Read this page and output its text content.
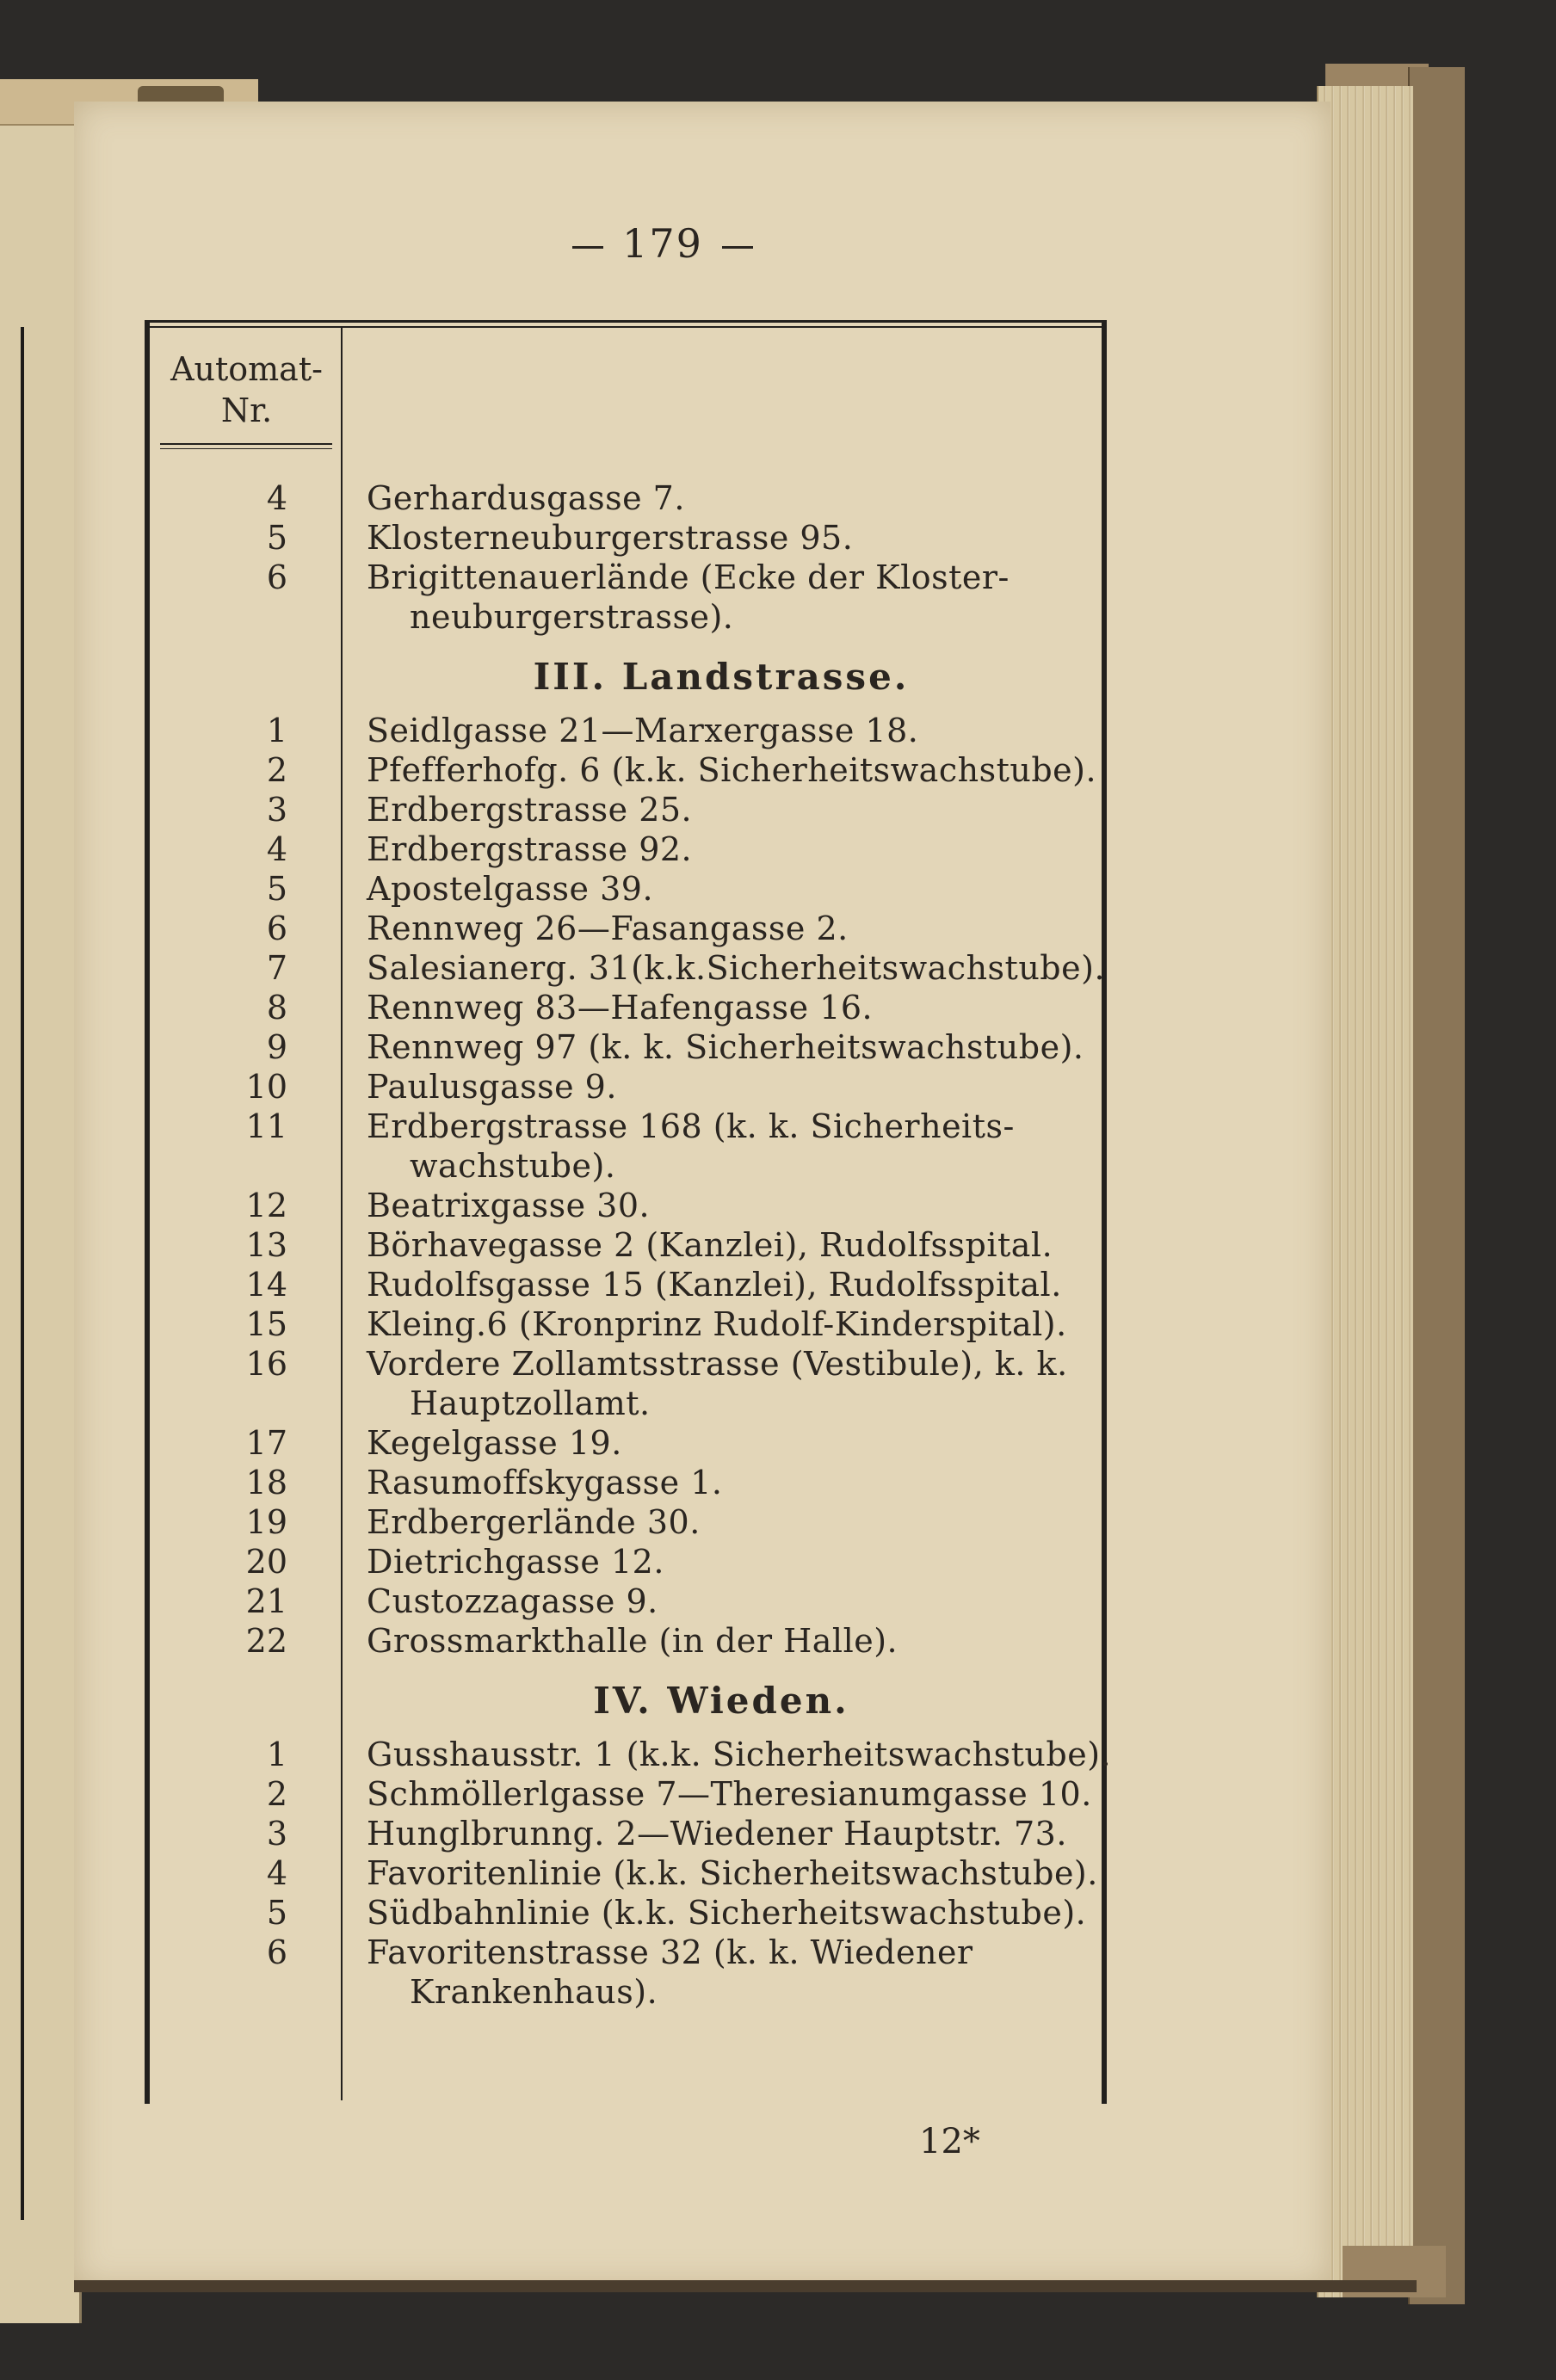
179
Automat-
Nr.
4 Gerhardusgasse 7.
5 Klosterneuburgerstrasse 95.
6 Brigittenauerlände (Ecke der Kloster-
neuburgerstrasse).
III. Landstrasse.
1 Seidlgasse 21—Marxergasse 18.
2 Pfefferhofg. 6 (k.k. Sicherheitswachstube).
3 Erdbergstrasse 25.
4 Erdbergstrasse 92.
5 Apostelgasse 39.
6 Rennweg 26—Fasangasse 2.
7 Salesianerg. 31(k.k.Sicherheitswachstube).
8 Rennweg 83—Hafengasse 16.
9 Rennweg 97 (k. k. Sicherheitswachstube).
10 Paulusgasse 9.
11 Erdbergstrasse 168 (k. k. Sicherheits-
wachstube).
12 Beatrixgasse 30.
13 Börhavegasse 2 (Kanzlei), Rudolfsspital.
14 Rudolfsgasse 15 (Kanzlei), Rudolfsspital.
15 Kleing.6 (Kronprinz Rudolf-Kinderspital).
16 Vordere Zollamtsstrasse (Vestibule), k. k.
Hauptzollamt.
17 Kegelgasse 19.
18 Rasumoffskygasse 1.
19 Erdbergerlände 30.
20 Dietrichgasse 12.
21 Custozzagasse 9.
22 Grossmarkthalle (in der Halle).
IV. Wieden.
1 Gusshausstr. 1 (k.k. Sicherheitswachstube).
2 Schmöllerlgasse 7—Theresianumgasse 10.
3 Hunglbrunng. 2—Wiedener Hauptstr. 73.
4 Favoritenlinie (k.k. Sicherheitswachstube).
5 Südbahnlinie (k.k. Sicherheitswachstube).
6 Favoritenstrasse 32 (k. k. Wiedener
Krankenhaus).
12*
